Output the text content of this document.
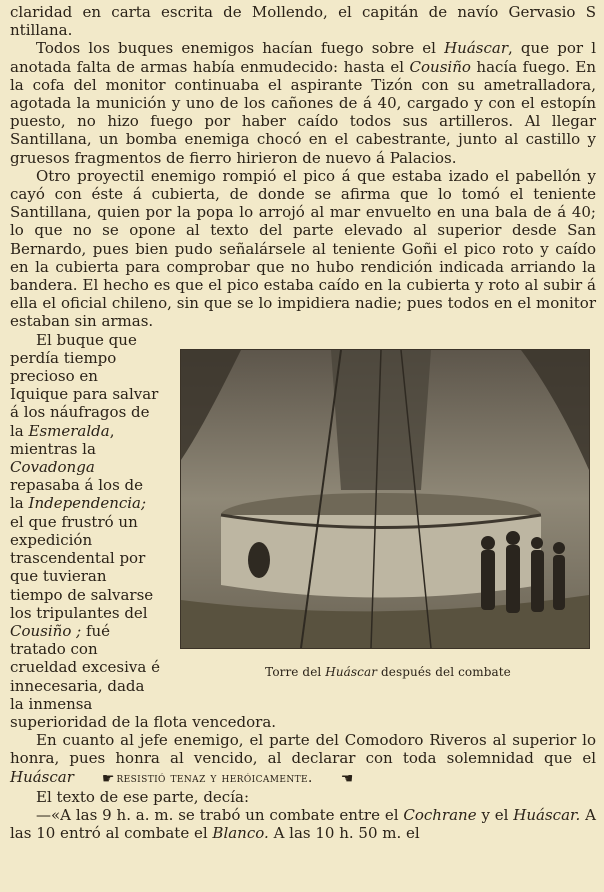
claridad en carta escrita de Mollendo, el capitán de navío Gervasio S ntillana.

Todos los buques enemigos hacían fuego sobre el Huáscar, que por l anotada falta de armas había enmudecido: hasta el Cousiño hacía fuego. En la cofa del monitor continuaba el aspirante Tizón con su ametralladora, agotada la munición y uno de los cañones de á 40, cargado y con el estopín puesto, no hizo fuego por haber caído todos sus artilleros. Al llegar Santillana, un bomba enemiga chocó en el cabestrante, junto al castillo y gruesos fragmentos de fierro hirieron de nuevo á Palacios.

Otro proyectil enemigo rompió el pico á que estaba izado el pabellón y cayó con éste á cubierta, de donde se afirma que lo tomó el teniente Santillana, quien por la popa lo arrojó al mar envuelto en una bala de á 40; lo que no se opone al texto del parte elevado al superior desde San Bernardo, pues bien pudo señalársele al teniente Goñi el pico roto y caído en la cubierta para comprobar que no hubo rendición indicada arriando la bandera. El hecho es que el pico estaba caído en la cubierta y roto al subir á ella el oficial chileno, sin que se lo impidiera nadie; pues todos en el monitor estaban sin armas.

Torre del Huáscar después del combate

El buque que perdía tiempo precioso en Iquique para salvar á los náufragos de la Esmeralda, mientras la Covadonga repasaba á los de la Independencia; el que frustró un expedición trascendental por que tuvieran tiempo de salvarse los tripulantes del Cousiño ; fué tratado con crueldad excesiva é innecesaria, dada la inmensa superioridad de la flota vencedora.

En cuanto al jefe enemigo, el parte del Comodoro Riveros al superior lo honra, pues honra al vencido, al declarar con toda solemnidad que el Huáscar ☛ resistió tenaz y heróicamente. ☚

El texto de ese parte, decía:

—«A las 9 h. a. m. se trabó un combate entre el Cochrane y el Huáscar. A las 10 entró al combate el Blanco. A las 10 h. 50 m. el
